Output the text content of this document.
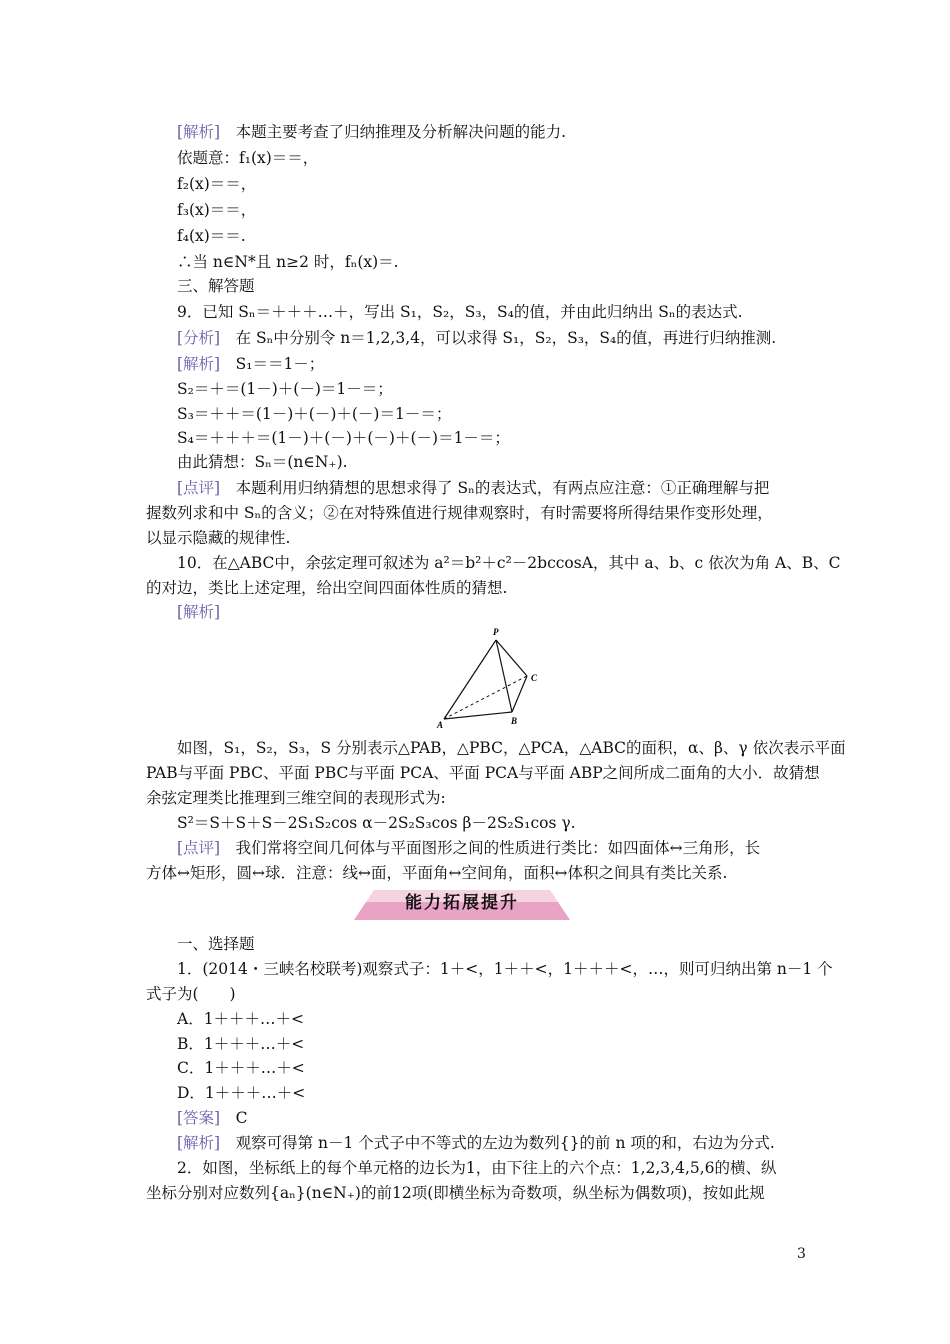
[解析]　本题主要考查了归纳推理及分析解决问题的能力.
依题意：f₁(x)＝＝，
f₂(x)＝＝，
f₃(x)＝＝，
f₄(x)＝＝.
∴当 n∈N*且 n≥2 时，fₙ(x)＝.
三、解答题
9．已知 Sₙ＝＋＋＋…＋，写出 S₁，S₂，S₃，S₄的值，并由此归纳出 Sₙ的表达式.
[分析]　在 Sₙ中分别令 n＝1,2,3,4，可以求得 S₁，S₂，S₃，S₄的值，再进行归纳推测.
[解析]　S₁＝＝1－；
S₂＝＋＝(1－)＋(－)＝1－＝；
S₃＝＋＋＝(1－)＋(－)＋(－)＝1－＝；
S₄＝＋＋＋＝(1－)＋(－)＋(－)＋(－)＝1－＝；
由此猜想：Sₙ＝(n∈N₊).
[点评]　本题利用归纳猜想的思想求得了 Sₙ的表达式，有两点应注意：①正确理解与把
握数列求和中 Sₙ的含义；②在对特殊值进行规律观察时，有时需要将所得结果作变形处理，
以显示隐藏的规律性.
10．在△ABC中，余弦定理可叙述为 a²＝b²＋c²－2bccosA，其中 a、b、c 依次为角 A、B、C
的对边，类比上述定理，给出空间四面体性质的猜想.
[解析]
P
C
A	B
如图，S₁，S₂，S₃，S 分别表示△PAB，△PBC，△PCA，△ABC的面积，α、β、γ 依次表示平面
PAB与平面 PBC、平面 PBC与平面 PCA、平面 PCA与平面 ABP之间所成二面角的大小．故猜想
余弦定理类比推理到三维空间的表现形式为:
S²＝S＋S＋S－2S₁S₂cos α－2S₂S₃cos β－2S₂S₁cos γ.
[点评]　我们常将空间几何体与平面图形之间的性质进行类比：如四面体↔三角形，长
方体↔矩形，圆↔球．注意：线↔面，平面角↔空间角，面积↔体积之间具有类比关系.
能力拓展提升
一、选择题
1．(2014・三峡名校联考)观察式子：1＋<，1＋＋<，1＋＋＋<，…，则可归纳出第 n－1 个
式子为(　　)
A．1＋＋＋…＋<
B．1＋＋＋…＋<
C．1＋＋＋…＋<
D．1＋＋＋…＋<
[答案]　C
[解析]　观察可得第 n－1 个式子中不等式的左边为数列{}的前 n 项的和，右边为分式.
2．如图，坐标纸上的每个单元格的边长为1，由下往上的六个点：1,2,3,4,5,6的横、纵
坐标分别对应数列{aₙ}(n∈N₊)的前12项(即横坐标为奇数项，纵坐标为偶数项)，按如此规
3
